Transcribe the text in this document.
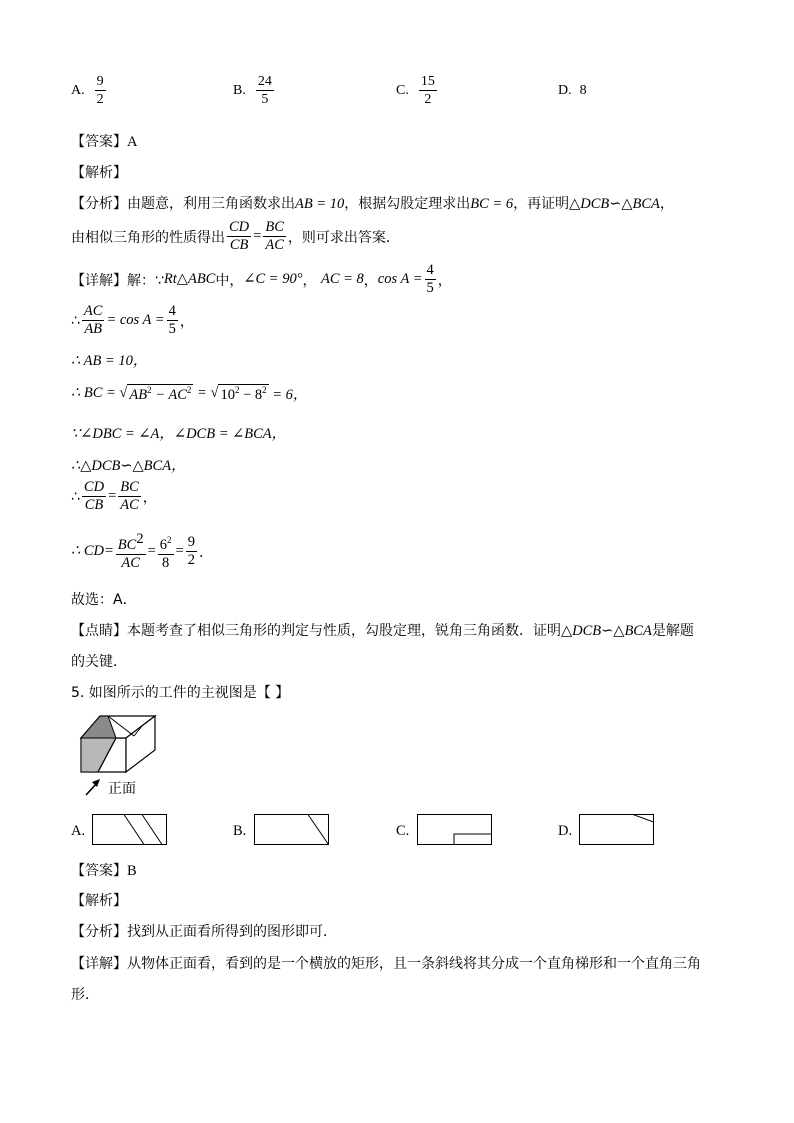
A. $\frac{9}{2}$	B. $\frac{24}{5}$	C. $\frac{15}{2}$	D. 8
【答案】A
【解析】
【分析】由题意，利用三角函数求出AB = 10，根据勾股定理求出BC = 6，再证明△DCB∽△BCA，
由相似三角形的性质得出 $\frac{CD}{CB} = \frac{BC}{AC}$ ，则可求出答案．
【详解】 解：∵ Rt△ABC 中， ∠C = 90° ，
AC = 8 ， $\cos A = \frac{4}{5}$ ，
∴ $\frac{AC}{AB} = \cos A = \frac{4}{5}$ ，
∴ AB = 10，
∴ BC =
√ $AB^2 - AC^2$
=
√ $10^2 - 8^2$
= 6，
∵∠DBC = ∠A，∠DCB = ∠BCA，
∴△DCB∽△BCA，
∴ $\frac{CD}{CB} = \frac{BC}{AC}$ ，
∴ $CD= \frac{BC^2}{AC} = \frac{6^2}{8} = \frac{9}{2}$ ．
故选：A．
【点睛】本题考查了相似三角形的判定与性质，勾股定理，锐角三角函数．证明△DCB∽△BCA是解题
的关键．
5. 如图所示的工件的主视图是【 】
正面
A.	B.	C.	D.
【答案】B
【解析】
【分析】找到从正面看所得到的图形即可．
【详解】从物体正面看，看到的是一个横放的矩形，且一条斜线将其分成一个直角梯形和一个直角三角
形．
